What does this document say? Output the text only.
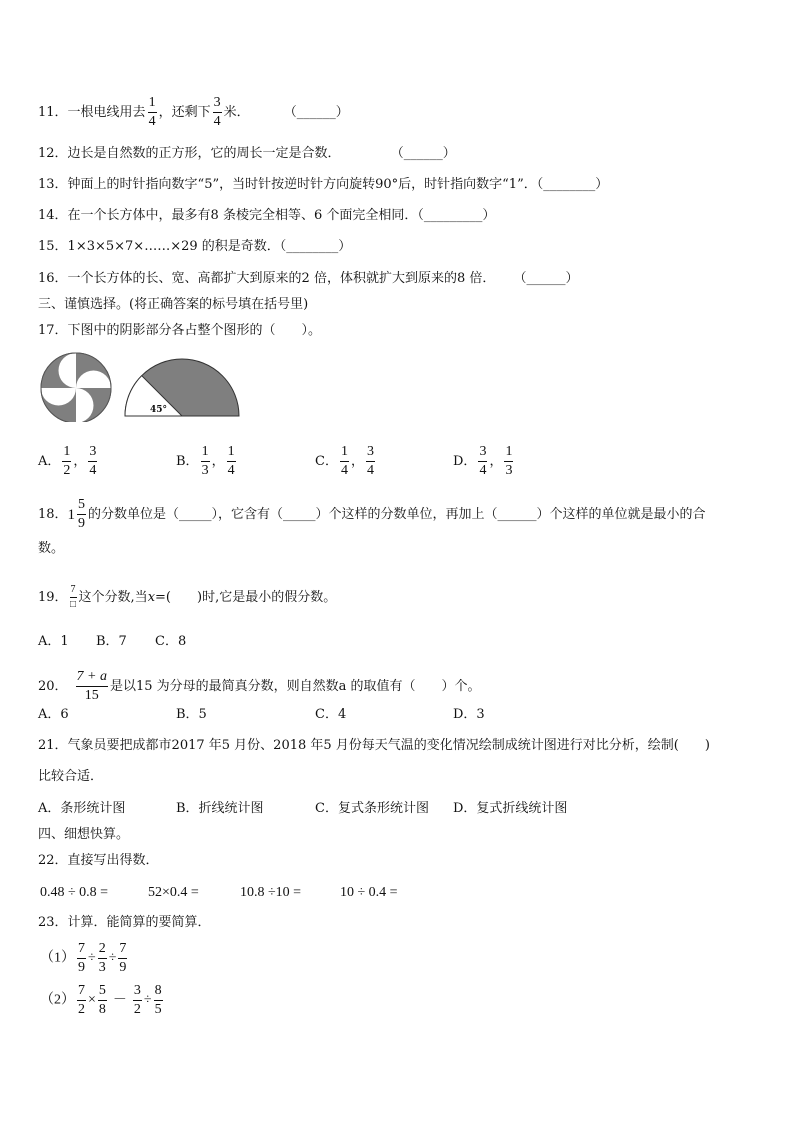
11．一根电线用去 $\frac{1}{4}$ ，还剩下 $\frac{3}{4}$ 米．	（______）
12．边长是自然数的正方形，它的周长一定是合数．	（______）
13．钟面上的时针指向数字“5”，当时针按逆时针方向旋转90°后，时针指向数字“1”．（________）
14．在一个长方体中，最多有8 条棱完全相等、6 个面完全相同．（_________）
15．1×3×5×7×……×29 的积是奇数．（________）
16．一个长方体的长、宽、高都扩大到原来的2 倍，体积就扩大到原来的8 倍． （______）
三、谨慎选择。(将正确答案的标号填在括号里)
17．下图中的阴影部分各占整个图形的（　　）。
45°
A． $\frac{1}{2}$ ， $\frac{3}{4}$	B． $\frac{1}{3}$ ， $\frac{1}{4}$	C． $\frac{1}{4}$ ， $\frac{3}{4}$	D． $\frac{3}{4}$ ， $\frac{1}{3}$
18． $1 \frac{5}{9}$ 的分数单位是（_____），它含有（_____）个这样的分数单位，再加上（______）个这样的单位就是最小的合
数。
19． $\frac{7}{□}$ 这个分数,当x=(　　)时,它是最小的假分数。
A．1 B．7 C．8
20． $\frac{7 + a}{15}$ 是以15 为分母的最简真分数，则自然数a 的取值有（　　）个。
A．6	B．5	C．4	D．3
21．气象员要把成都市2017 年5 月份、2018 年5 月份每天气温的变化情况绘制成统计图进行对比分析，绘制(　　)
比较合适．
A．条形统计图	B．折线统计图	C．复式条形统计图 D．复式折线统计图
四、细想快算。
22．直接写出得数．
0.48 ÷ 0.8 =	52×0.4 =	10.8 ÷10 =	10 ÷ 0.4 =
23．计算．能简算的要简算．
$(1) \frac{7}{9} \div \frac{2}{3} \div \frac{7}{9}$
$(2) \frac{7}{2} \times \frac{5}{8} - \frac{3}{2} \div \frac{8}{5}$
